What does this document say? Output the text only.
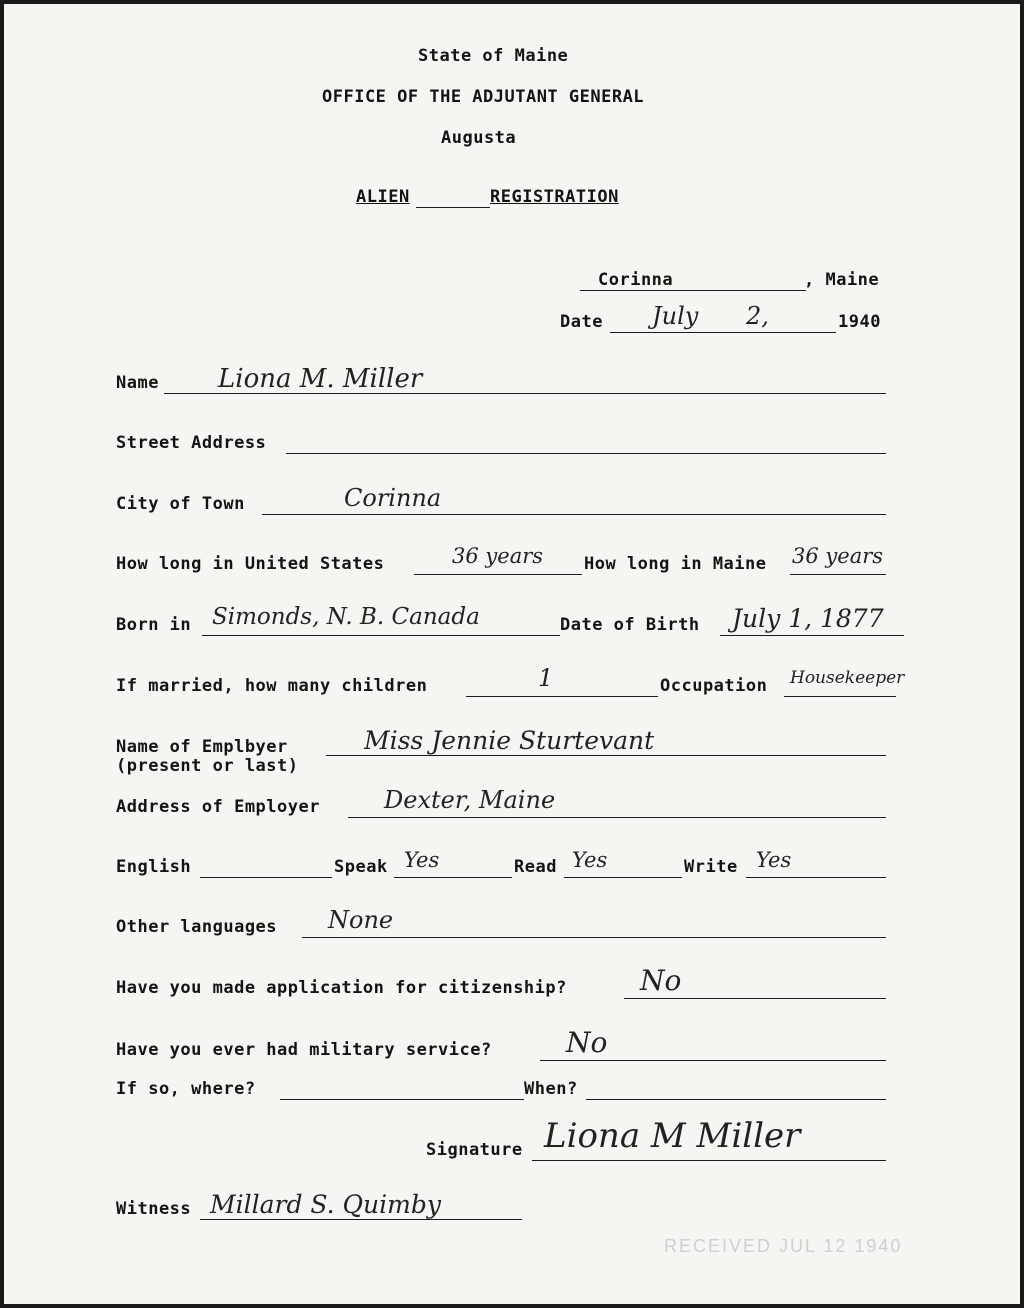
State of Maine
OFFICE OF THE ADJUTANT GENERAL
Augusta
ALIEN	REGISTRATION
Corinna	, Maine
Date July 2,	1940
Name Liona M. Miller
Street Address
City of Town	Corinna
How long in United States	36 years How long in Maine 36 years
Born in Simonds, N. B. Canada	Date of Birth July 1, 1877
If married, how many children	1	Occupation Housekeeper
Name of Emplbyer
(present or last)
Miss Jennie Sturtevant
Address of Employer	Dexter, Maine
English	Speak Yes	Read Yes	Write Yes
Other languages None
Have you made application for citizenship?	No
Have you ever had military service?	No
If so, where?	When?
Signature Liona M Miller
Witness Millard S. Quimby
RECEIVED JUL 12 1940
